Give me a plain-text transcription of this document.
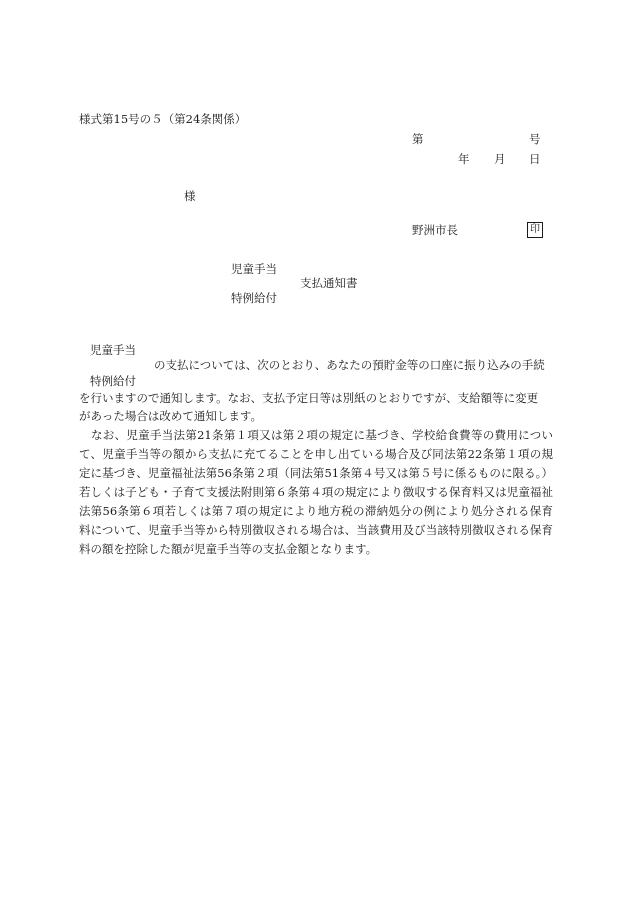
様式第15号の５（第24条関係）
第	号
年 月 日
様
野洲市長	印
児童手当
支払通知書
特例給付
児童手当
の支払については、次のとおり、あなたの預貯金等の口座に振り込みの手続
特例給付
を行いますので通知します。なお、支払予定日等は別紙のとおりですが、支給額等に変更
があった場合は改めて通知します。

なお、児童手当法第21条第１項又は第２項の規定に基づき、学校給食費等の費用について、児童手当等の額から支払に充てることを申し出ている場合及び同法第22条第１項の規定に基づき、児童福祉法第56条第２項（同法第51条第４号又は第５号に係るものに限る。）若しくは子ども・子育て支援法附則第６条第４項の規定により徴収する保育料又は児童福祉法第56条第６項若しくは第７項の規定により地方税の滞納処分の例により処分される保育料について、児童手当等から特別徴収される場合は、当該費用及び当該特別徴収される保育料の額を控除した額が児童手当等の支払金額となります。
